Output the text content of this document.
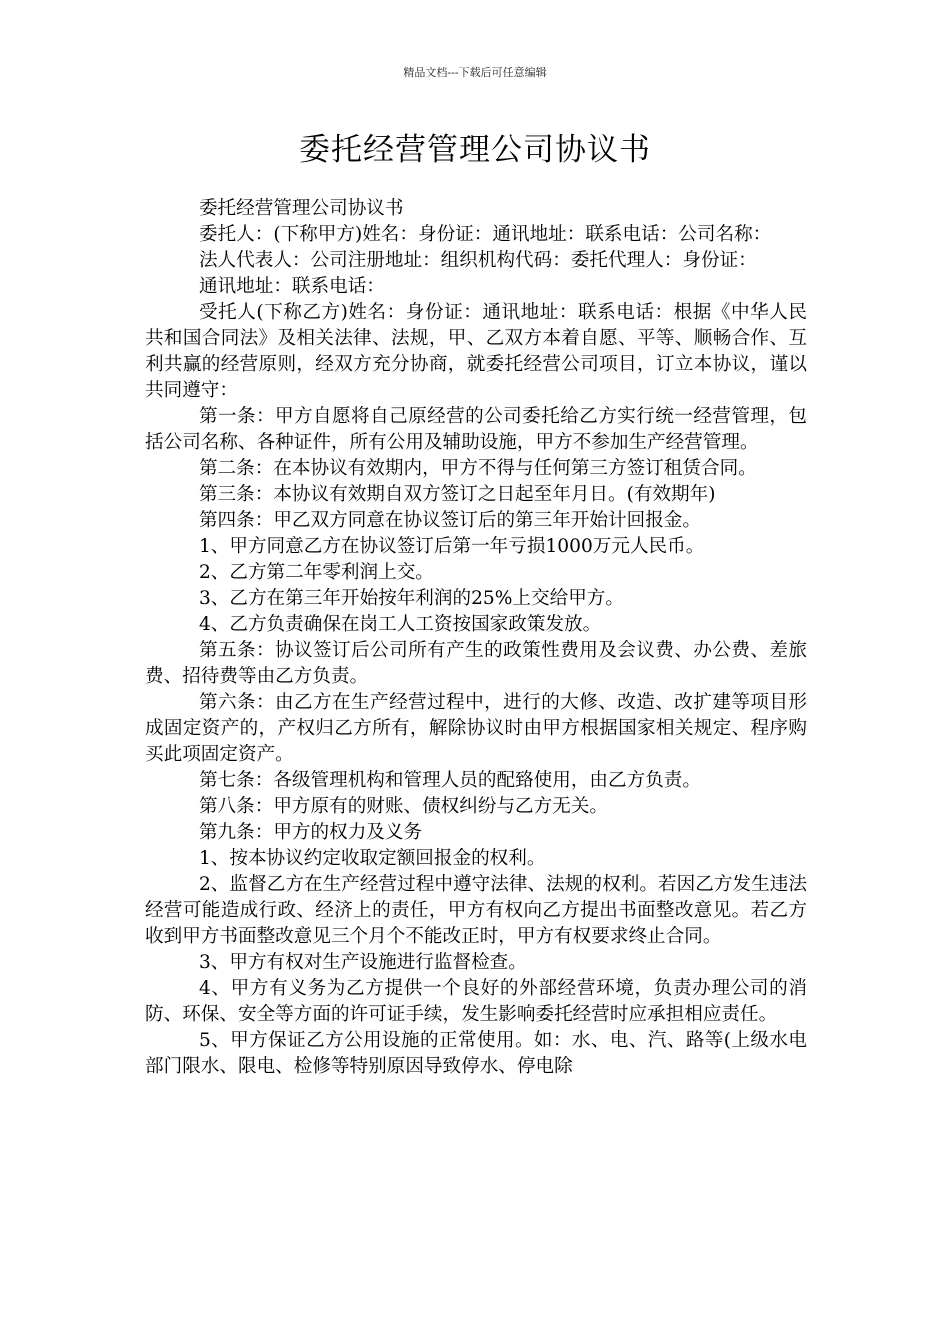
精品文档---下载后可任意编辑
委托经营管理公司协议书

委托经营管理公司协议书

委托人：(下称甲方)姓名：身份证：通讯地址：联系电话：公司名称：

法人代表人：公司注册地址：组织机构代码：委托代理人：身份证：

通讯地址：联系电话：

受托人(下称乙方)姓名：身份证：通讯地址：联系电话：根据《中华人民共和国合同法》及相关法律、法规，甲、乙双方本着自愿、平等、顺畅合作、互利共赢的经营原则，经双方充分协商，就委托经营公司项目，订立本协议，谨以共同遵守：

第一条：甲方自愿将自己原经营的公司委托给乙方实行统一经营管理，包括公司名称、各种证件，所有公用及辅助设施，甲方不参加生产经营管理。

第二条：在本协议有效期内，甲方不得与任何第三方签订租赁合同。

第三条：本协议有效期自双方签订之日起至年月日。(有效期年)

第四条：甲乙双方同意在协议签订后的第三年开始计回报金。

1、甲方同意乙方在协议签订后第一年亏损1000万元人民币。

2、乙方第二年零利润上交。

3、乙方在第三年开始按年利润的25%上交给甲方。

4、乙方负责确保在岗工人工资按国家政策发放。

第五条：协议签订后公司所有产生的政策性费用及会议费、办公费、差旅费、招待费等由乙方负责。

第六条：由乙方在生产经营过程中，进行的大修、改造、改扩建等项目形成固定资产的，产权归乙方所有，解除协议时由甲方根据国家相关规定、程序购买此项固定资产。

第七条：各级管理机构和管理人员的配臵使用，由乙方负责。

第八条：甲方原有的财账、债权纠纷与乙方无关。

第九条：甲方的权力及义务

1、按本协议约定收取定额回报金的权利。

2、监督乙方在生产经营过程中遵守法律、法规的权利。若因乙方发生违法经营可能造成行政、经济上的责任，甲方有权向乙方提出书面整改意见。若乙方收到甲方书面整改意见三个月个不能改正时，甲方有权要求终止合同。

3、甲方有权对生产设施进行监督检查。

4、甲方有义务为乙方提供一个良好的外部经营环境，负责办理公司的消防、环保、安全等方面的许可证手续，发生影响委托经营时应承担相应责任。

5、甲方保证乙方公用设施的正常使用。如：水、电、汽、路等(上级水电部门限水、限电、检修等特别原因导致停水、停电除
